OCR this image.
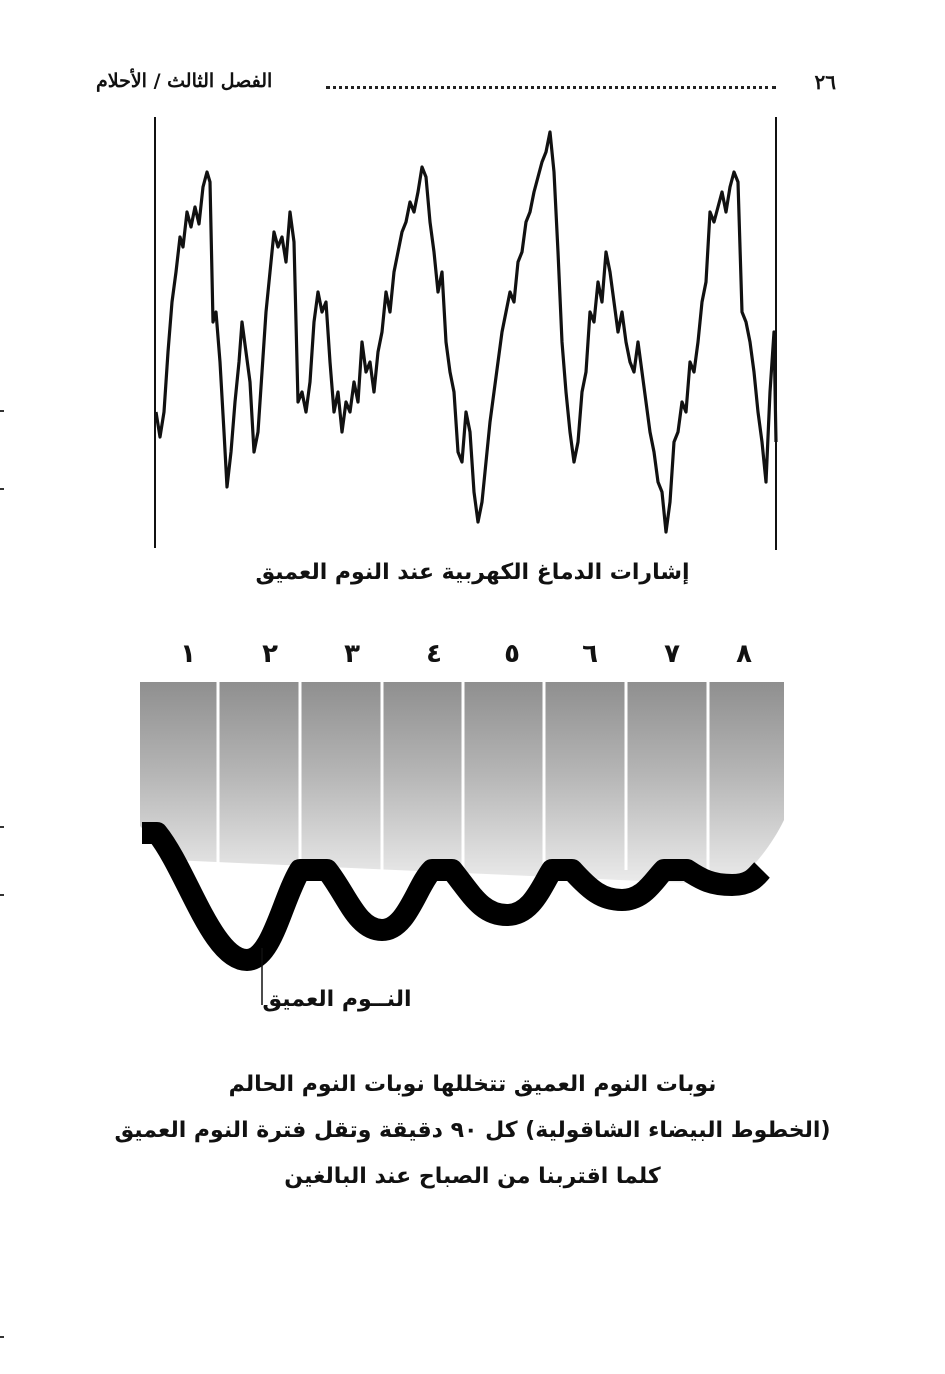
٢٦
الفصل الثالث / الأحلام
إشارات الدماغ الكهربية عند النوم العميق
١	٢	٣	٤ ٥ ٦	٧ ٨
النــوم العميق
نوبات النوم العميق تتخللها نوبات النوم الحالم
(الخطوط البيضاء الشاقولية) كل ٩٠ دقيقة وتقل فترة النوم العميق
كلما اقتربنا من الصباح عند البالغين
